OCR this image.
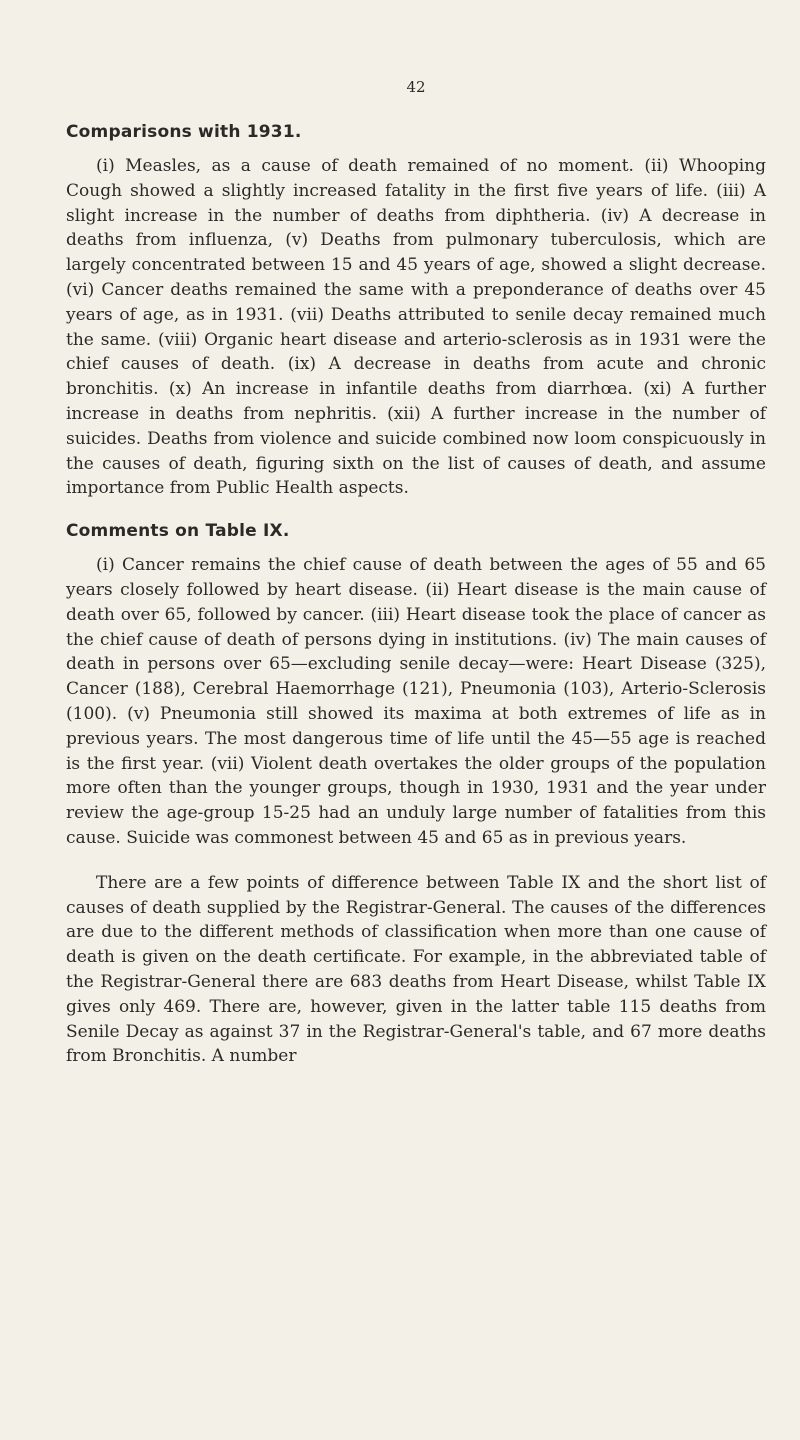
42
Comparisons with 1931.

(i) Measles, as a cause of death remained of no moment. (ii) Whooping Cough showed a slightly increased fatality in the first five years of life. (iii) A slight increase in the number of deaths from diphtheria. (iv) A decrease in deaths from influenza, (v) Deaths from pulmonary tuberculosis, which are largely concentrated between 15 and 45 years of age, showed a slight decrease. (vi) Cancer deaths remained the same with a preponderance of deaths over 45 years of age, as in 1931. (vii) Deaths attributed to senile decay remained much the same. (viii) Organic heart disease and arterio-sclerosis as in 1931 were the chief causes of death. (ix) A decrease in deaths from acute and chronic bronchitis. (x) An increase in infantile deaths from diarrhœa. (xi) A further increase in deaths from nephritis. (xii) A further increase in the number of suicides. Deaths from violence and suicide combined now loom conspicuously in the causes of death, figuring sixth on the list of causes of death, and assume importance from Public Health aspects.

Comments on Table IX.

(i) Cancer remains the chief cause of death between the ages of 55 and 65 years closely followed by heart disease. (ii) Heart disease is the main cause of death over 65, followed by cancer. (iii) Heart disease took the place of cancer as the chief cause of death of persons dying in institutions. (iv) The main causes of death in persons over 65—excluding senile decay—were: Heart Disease (325), Cancer (188), Cerebral Haemorrhage (121), Pneumonia (103), Arterio-Sclerosis (100). (v) Pneumonia still showed its maxima at both extremes of life as in previous years. The most dangerous time of life until the 45—55 age is reached is the first year. (vii) Violent death overtakes the older groups of the population more often than the younger groups, though in 1930, 1931 and the year under review the age-group 15-25 had an unduly large number of fatalities from this cause. Suicide was commonest between 45 and 65 as in previous years.

There are a few points of difference between Table IX and the short list of causes of death supplied by the Registrar-General. The causes of the differences are due to the different methods of classification when more than one cause of death is given on the death certificate. For example, in the abbreviated table of the Registrar-General there are 683 deaths from Heart Disease, whilst Table IX gives only 469. There are, however, given in the latter table 115 deaths from Senile Decay as against 37 in the Registrar-General's table, and 67 more deaths from Bronchitis. A number
